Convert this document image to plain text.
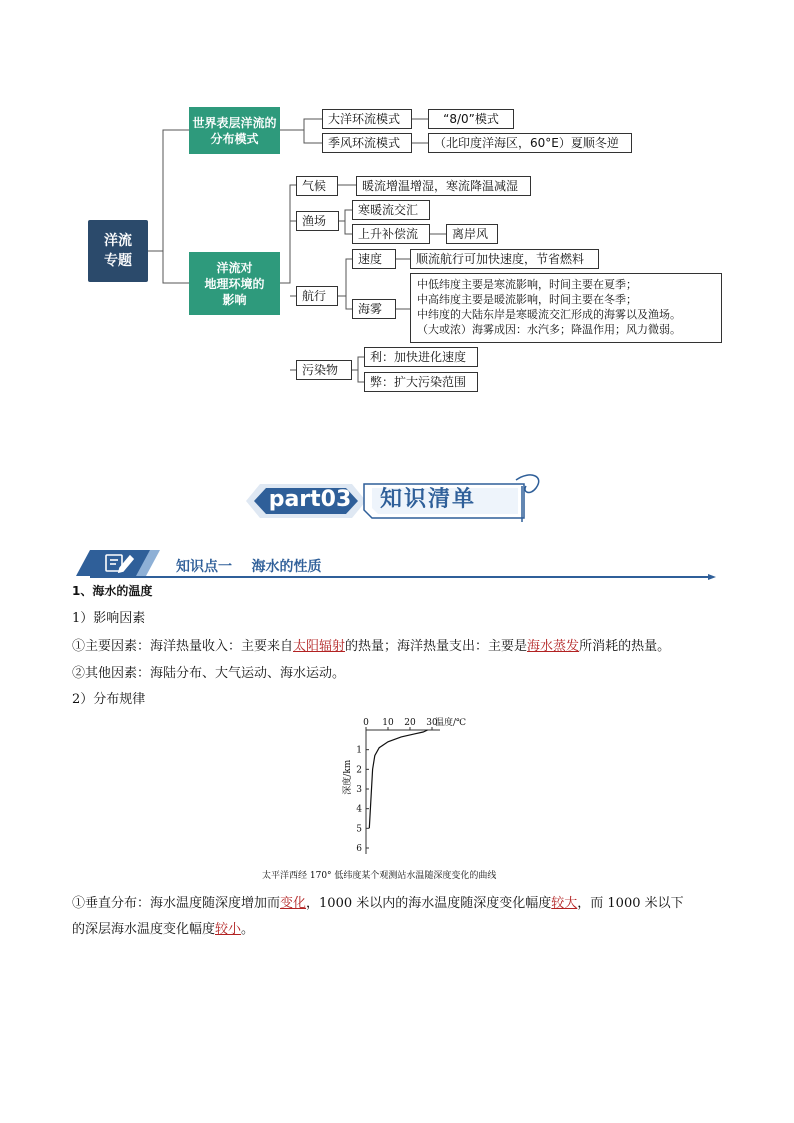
洋流
专题
世界表层洋流的
分布模式
大洋环流模式
季风环流模式
“8/0”模式
（北印度洋海区，60°E）夏顺冬逆
洋流对
地理环境的
影响
气候	暖流增温增湿，寒流降温减湿
渔场
寒暖流交汇
上升补偿流	离岸风
航行
速度	顺流航行可加快速度，节省燃料
海雾
中低纬度主要是寒流影响，时间主要在夏季；
中高纬度主要是暖流影响，时间主要在冬季；
中纬度的大陆东岸是寒暖流交汇形成的海雾以及渔场。
（大或浓）海雾成因：水汽多；降温作用；风力微弱。
污染物
利：加快进化速度
弊：扩大污染范围
part03	知识清单
知识点一    海水的性质
1、海水的温度
1）影响因素
①主要因素：海洋热量收入：主要来自太阳辐射的热量；海洋热量支出：主要是海水蒸发所消耗的热量。
②其他因素：海陆分布、大气运动、海水运动。
2）分布规律
0 10 20 30
温度/℃
1
2
3
4
5
6
深度/km
太平洋西经 170° 低纬度某个观测站水温随深度变化的曲线
①垂直分布：海水温度随深度增加而变化，1000 米以内的海水温度随深度变化幅度较大，而 1000 米以下
的深层海水温度变化幅度较小。
